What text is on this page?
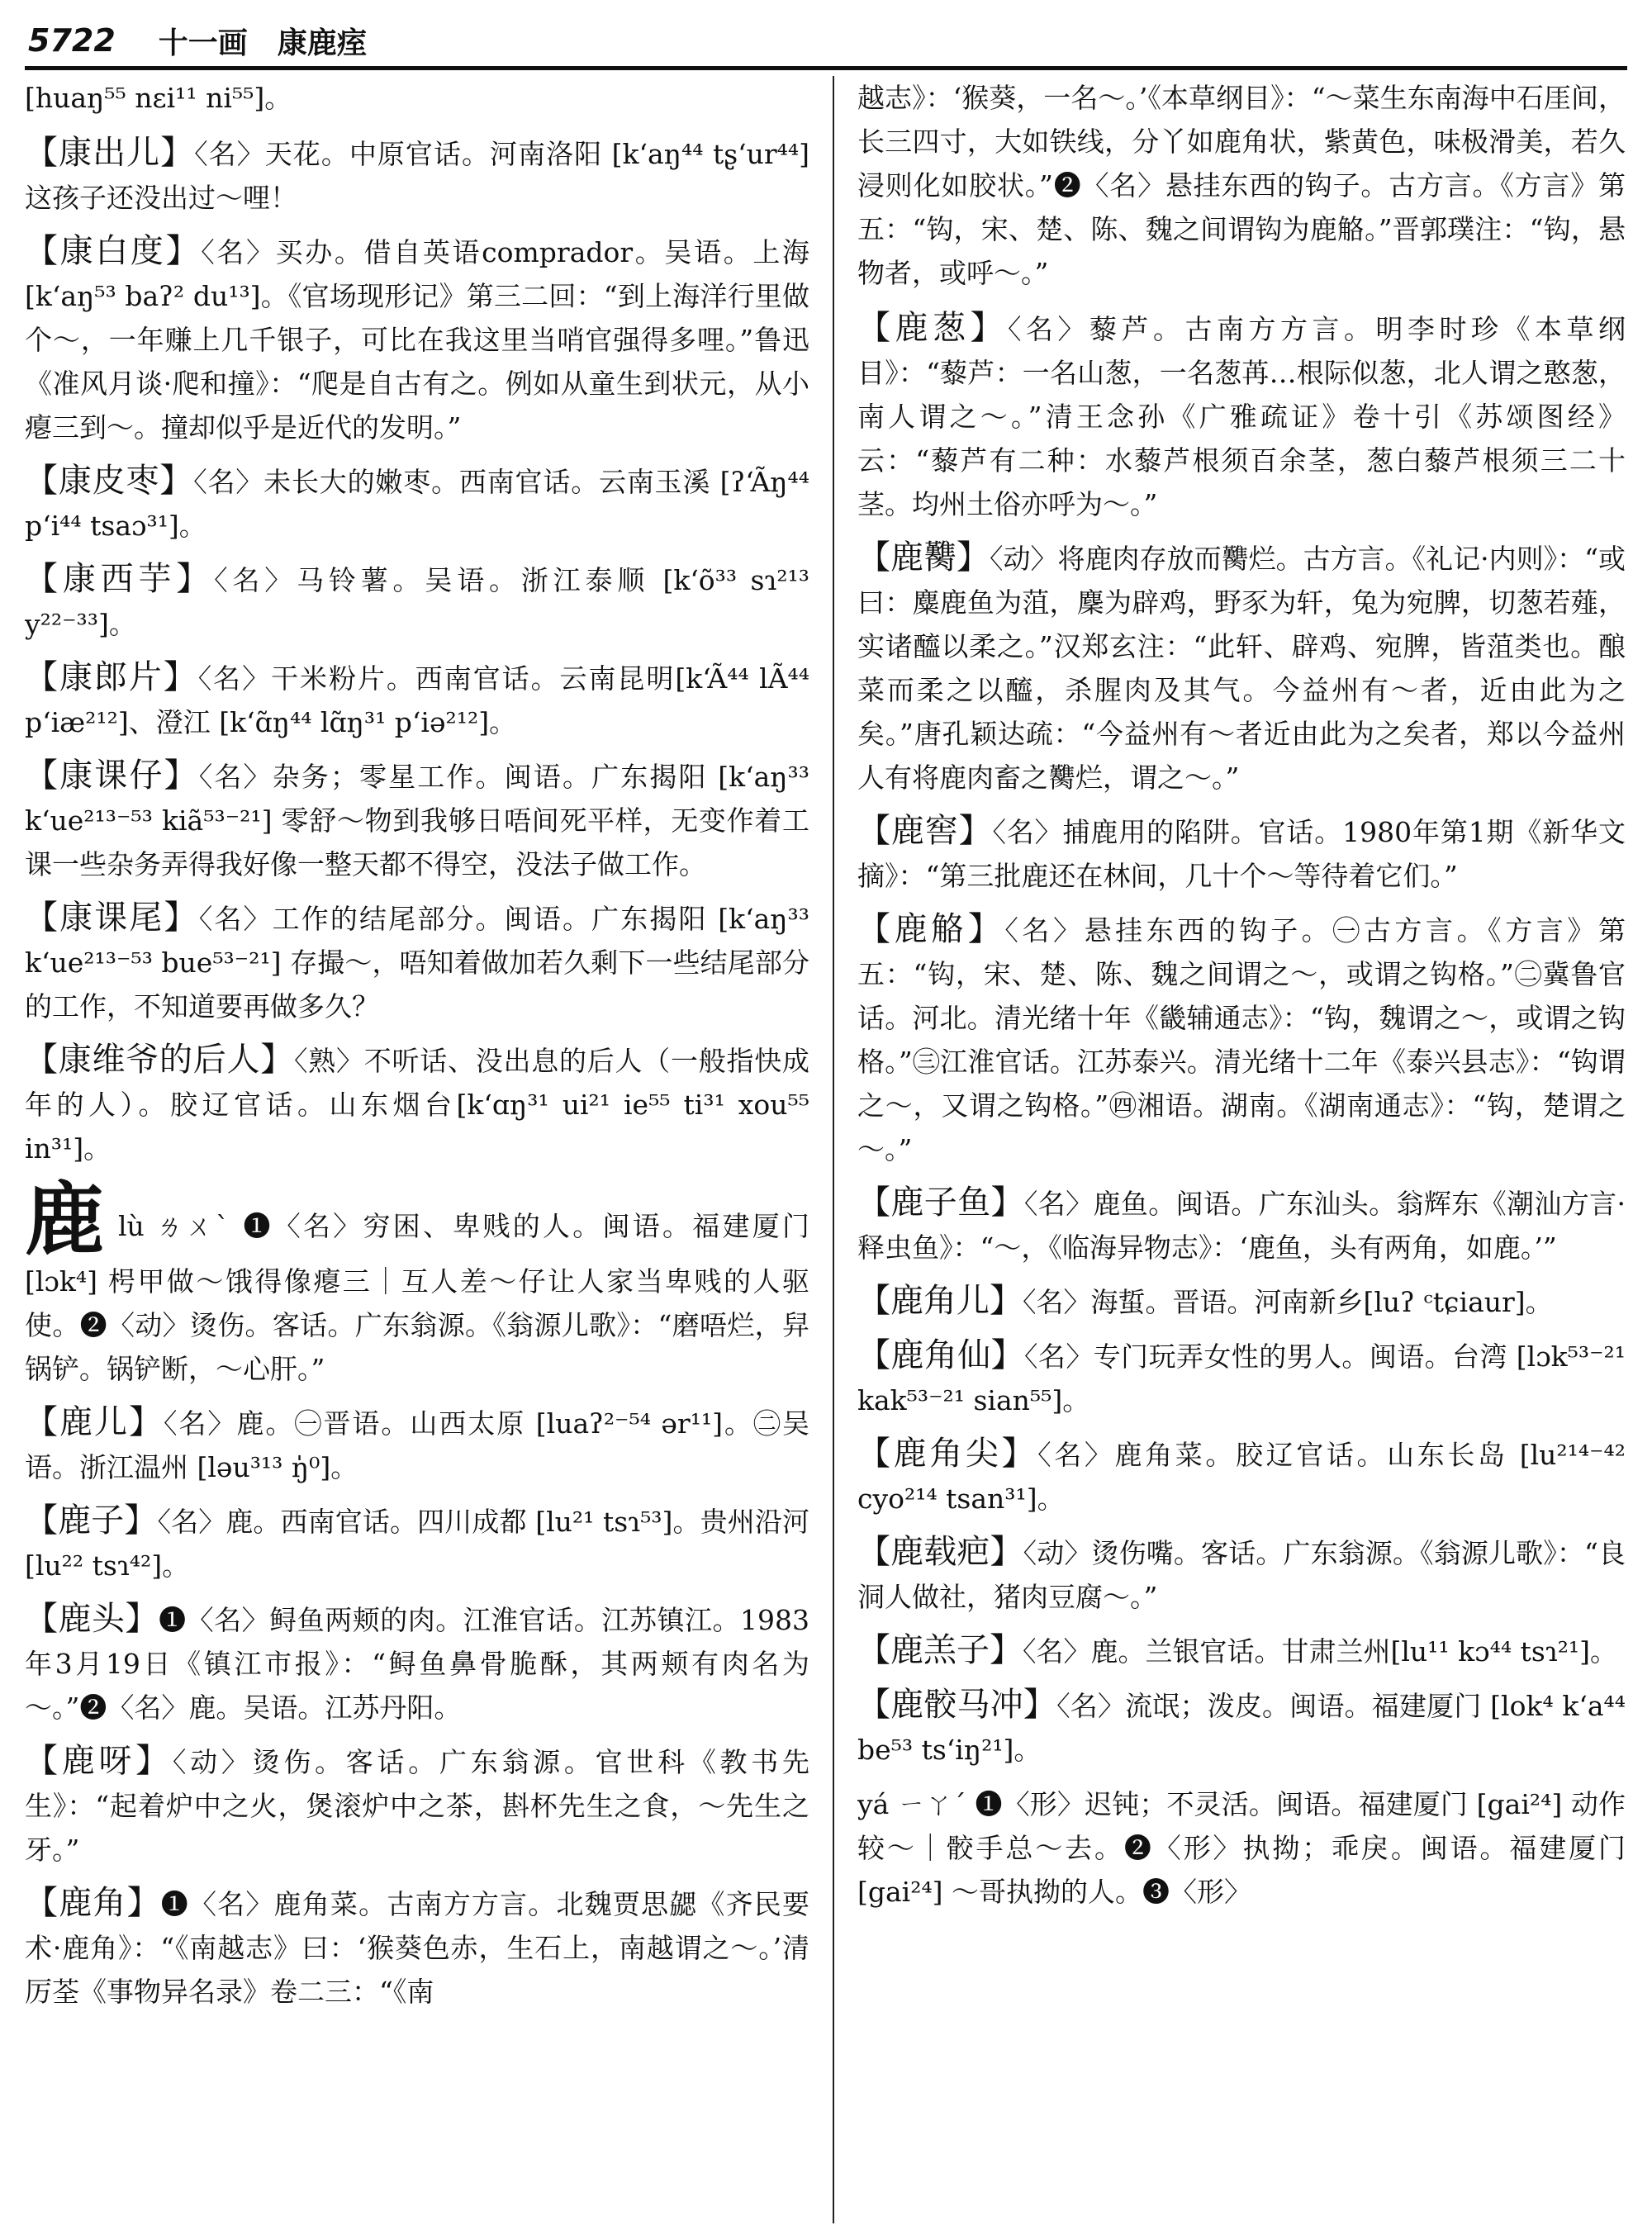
5722 十一画　康鹿痓

[huaŋ⁵⁵ nεi¹¹ ni⁵⁵]。

【康出儿】〈名〉天花。中原官话。河南洛阳 [k‘aŋ⁴⁴ tʂ‘ur⁴⁴] 这孩子还没出过～哩！

【康白度】〈名〉买办。借自英语comprador。吴语。上海 [k‘aŋ⁵³ baʔ² du¹³]。《官场现形记》第三二回：“到上海洋行里做个～，一年赚上几千银子，可比在我这里当哨官强得多哩。”鲁迅《准风月谈·爬和撞》：“爬是自古有之。例如从童生到状元，从小瘪三到～。撞却似乎是近代的发明。”

【康皮枣】〈名〉未长大的嫩枣。西南官话。云南玉溪 [ʔ‘Ãŋ⁴⁴ p‘i⁴⁴ tsaɔ³¹]。

【康西芋】〈名〉马铃薯。吴语。浙江泰顺 [k‘õ³³ sɿ²¹³ y²²⁻³³]。

【康郎片】〈名〉干米粉片。西南官话。云南昆明[k‘Ã⁴⁴ lÃ⁴⁴ p‘iæ²¹²]、澄江 [k‘ɑ̃ŋ⁴⁴ lɑ̃ŋ³¹ p‘iə²¹²]。

【康课仔】〈名〉杂务；零星工作。闽语。广东揭阳 [k‘aŋ³³ k‘ue²¹³⁻⁵³ kiã⁵³⁻²¹] 零舒～物到我够日唔间死平样，无变作着工课一些杂务弄得我好像一整天都不得空，没法子做工作。

【康课尾】〈名〉工作的结尾部分。闽语。广东揭阳 [k‘aŋ³³ k‘ue²¹³⁻⁵³ bue⁵³⁻²¹] 存撮～，唔知着做加若久剩下一些结尾部分的工作，不知道要再做多久？

【康维爷的后人】〈熟〉不听话、没出息的后人（一般指快成年的人）。胶辽官话。山东烟台[k‘ɑŋ³¹ ui²¹ ie⁵⁵ ti³¹ xou⁵⁵ in³¹]。

鹿 lù ㄌㄨˋ ❶〈名〉穷困、卑贱的人。闽语。福建厦门 [lɔk⁴] 枵甲做～饿得像瘪三｜互人差～仔让人家当卑贱的人驱使。❷〈动〉烫伤。客话。广东翁源。《翁源儿歌》：“磨唔烂，舁锅铲。锅铲断，～心肝。”

【鹿儿】〈名〉鹿。㊀晋语。山西太原 [luaʔ²⁻⁵⁴ ər¹¹]。㊁吴语。浙江温州 [ləu³¹³ ŋ̍⁰]。

【鹿子】〈名〉鹿。西南官话。四川成都 [lu²¹ tsɿ⁵³]。贵州沿河 [lu²² tsɿ⁴²]。

【鹿头】❶〈名〉鲟鱼两颊的肉。江淮官话。江苏镇江。1983年3月19日《镇江市报》：“鲟鱼鼻骨脆酥，其两颊有肉名为～。”❷〈名〉鹿。吴语。江苏丹阳。

【鹿呀】〈动〉烫伤。客话。广东翁源。官世科《教书先生》：“起着炉中之火，煲滚炉中之茶，斟杯先生之食，～先生之牙。”

【鹿角】❶〈名〉鹿角菜。古南方方言。北魏贾思勰《齐民要术·鹿角》：“《南越志》曰：‘猴葵色赤，生石上，南越谓之～。’清厉荃《事物异名录》卷二三：“《南

越志》：‘猴葵，一名～。’《本草纲目》：“～菜生东南海中石厓间，长三四寸，大如铁线，分丫如鹿角状，紫黄色，味极滑美，若久浸则化如胶状。”❷〈名〉悬挂东西的钩子。古方言。《方言》第五：“钩，宋、楚、陈、魏之间谓钩为鹿觡。”晋郭璞注：“钩，悬物者，或呼～。”

【鹿葱】〈名〉藜芦。古南方方言。明李时珍《本草纲目》：“藜芦：一名山葱，一名葱苒…根际似葱，北人谓之憨葱，南人谓之～。”清王念孙《广雅疏证》卷十引《苏颂图经》云：“藜芦有二种：水藜芦根须百余茎，葱白藜芦根须三二十茎。均州土俗亦呼为～。”

【鹿臡】〈动〉将鹿肉存放而臡烂。古方言。《礼记·内则》：“或曰：麋鹿鱼为菹，麇为辟鸡，野豕为轩，兔为宛脾，切葱若薤，实诸醯以柔之。”汉郑玄注：“此轩、辟鸡、宛脾，皆菹类也。酿菜而柔之以醯，杀腥肉及其气。今益州有～者，近由此为之矣。”唐孔颖达疏：“今益州有～者近由此为之矣者，郑以今益州人有将鹿肉畜之臡烂，谓之～。”

【鹿窖】〈名〉捕鹿用的陷阱。官话。1980年第1期《新华文摘》：“第三批鹿还在林间，几十个～等待着它们。”

【鹿觡】〈名〉悬挂东西的钩子。㊀古方言。《方言》第五：“钩，宋、楚、陈、魏之间谓之～，或谓之钩格。”㊁冀鲁官话。河北。清光绪十年《畿辅通志》：“钩，魏谓之～，或谓之钩格。”㊂江淮官话。江苏泰兴。清光绪十二年《泰兴县志》：“钩谓之～，又谓之钩格。”㊃湘语。湖南。《湖南通志》：“钩，楚谓之～。”

【鹿子鱼】〈名〉鹿鱼。闽语。广东汕头。翁辉东《潮汕方言·释虫鱼》：“～，《临海异物志》：‘鹿鱼，头有两角，如鹿。’”

【鹿角儿】〈名〉海蜇。晋语。河南新乡[luʔ ᶜtɕiaur]。

【鹿角仙】〈名〉专门玩弄女性的男人。闽语。台湾 [lɔk⁵³⁻²¹ kak⁵³⁻²¹ sian⁵⁵]。

【鹿角尖】〈名〉鹿角菜。胶辽官话。山东长岛 [lu²¹⁴⁻⁴² cyo²¹⁴ tsan³¹]。

【鹿载疤】〈动〉烫伤嘴。客话。广东翁源。《翁源儿歌》：“良洞人做社，猪肉豆腐～。”

【鹿羔子】〈名〉鹿。兰银官话。甘肃兰州[lu¹¹ kɔ⁴⁴ tsɿ²¹]。

【鹿骹马冲】〈名〉流氓；泼皮。闽语。福建厦门 [lok⁴ k‘a⁴⁴ be⁵³ ts‘iŋ²¹]。

yá ㄧㄚˊ ❶〈形〉迟钝；不灵活。闽语。福建厦门 [gai²⁴] 动作较～｜骹手总～去。❷〈形〉执拗；乖戾。闽语。福建厦门 [gai²⁴] ～哥执拗的人。❸〈形〉
